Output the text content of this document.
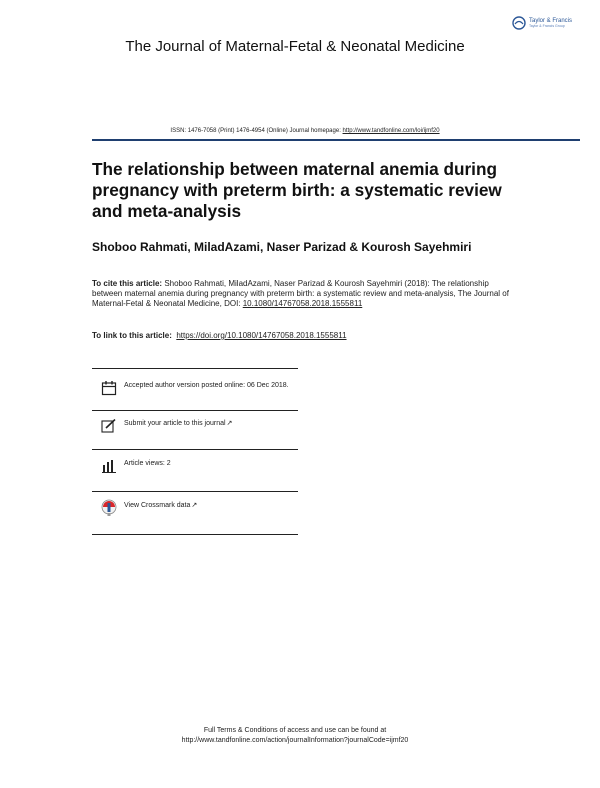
Taylor & Francis
Taylor & Francis Group
The Journal of Maternal-Fetal & Neonatal Medicine
ISSN: 1476-7058 (Print) 1476-4954 (Online) Journal homepage: http://www.tandfonline.com/loi/ijmf20
The relationship between maternal anemia during pregnancy with preterm birth: a systematic review and meta-analysis
Shoboo Rahmati, MiladAzami, Naser Parizad & Kourosh Sayehmiri
To cite this article: Shoboo Rahmati, MiladAzami, Naser Parizad & Kourosh Sayehmiri (2018): The relationship between maternal anemia during pregnancy with preterm birth: a systematic review and meta-analysis, The Journal of Maternal-Fetal & Neonatal Medicine, DOI: 10.1080/14767058.2018.1555811
To link to this article: https://doi.org/10.1080/14767058.2018.1555811
Accepted author version posted online: 06 Dec 2018.
Submit your article to this journal↗
Article views: 2
View Crossmark data↗
Full Terms & Conditions of access and use can be found at
http://www.tandfonline.com/action/journalInformation?journalCode=ijmf20
